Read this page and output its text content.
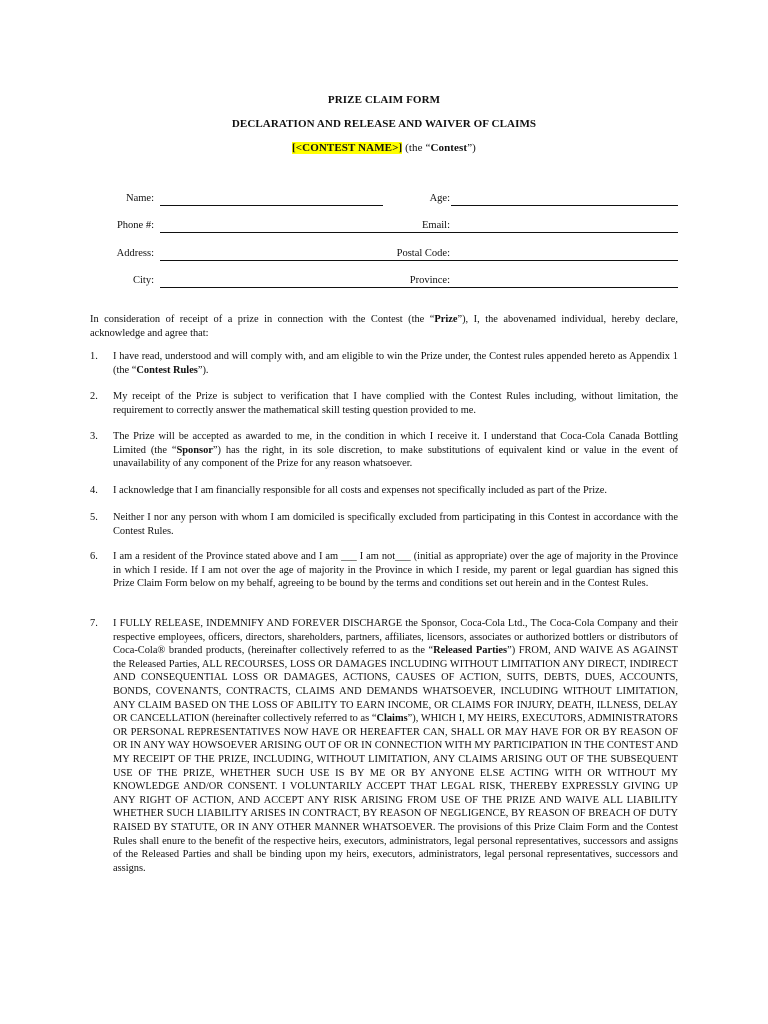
PRIZE CLAIM FORM
DECLARATION AND RELEASE AND WAIVER OF CLAIMS
[<CONTEST NAME>] (the “Contest”)
Name:	Age:
Phone #:	Email:
Address:	Postal Code:
City:	Province:
In consideration of receipt of a prize in connection with the Contest (the “Prize”), I, the abovenamed individual, hereby declare, acknowledge and agree that:
1. I have read, understood and will comply with, and am eligible to win the Prize under, the Contest rules appended hereto as Appendix 1 (the “Contest Rules”).
2. My receipt of the Prize is subject to verification that I have complied with the Contest Rules including, without limitation, the requirement to correctly answer the mathematical skill testing question provided to me.
3. The Prize will be accepted as awarded to me, in the condition in which I receive it. I understand that Coca-Cola Canada Bottling Limited (the “Sponsor”) has the right, in its sole discretion, to make substitutions of equivalent kind or value in the event of unavailability of any component of the Prize for any reason whatsoever.
4. I acknowledge that I am financially responsible for all costs and expenses not specifically included as part of the Prize.
5. Neither I nor any person with whom I am domiciled is specifically excluded from participating in this Contest in accordance with the Contest Rules.
6. I am a resident of the Province stated above and I am ___ I am not___ (initial as appropriate) over the age of majority in the Province in which I reside. If I am not over the age of majority in the Province in which I reside, my parent or legal guardian has signed this Prize Claim Form below on my behalf, agreeing to be bound by the terms and conditions set out herein and in the Contest Rules.
7. I FULLY RELEASE, INDEMNIFY AND FOREVER DISCHARGE the Sponsor, Coca-Cola Ltd., The Coca-Cola Company and their respective employees, officers, directors, shareholders, partners, affiliates, licensors, associates or authorized bottlers or distributors of Coca-Cola® branded products, (hereinafter collectively referred to as the “Released Parties”) FROM, AND WAIVE AS AGAINST the Released Parties, ALL RECOURSES, LOSS OR DAMAGES INCLUDING WITHOUT LIMITATION ANY DIRECT, INDIRECT AND CONSEQUENTIAL LOSS OR DAMAGES, ACTIONS, CAUSES OF ACTION, SUITS, DEBTS, DUES, ACCOUNTS, BONDS, COVENANTS, CONTRACTS, CLAIMS AND DEMANDS WHATSOEVER, INCLUDING WITHOUT LIMITATION, ANY CLAIM BASED ON THE LOSS OF ABILITY TO EARN INCOME, OR CLAIMS FOR INJURY, DEATH, ILLNESS, DELAY OR CANCELLATION (hereinafter collectively referred to as “Claims”), WHICH I, MY HEIRS, EXECUTORS, ADMINISTRATORS OR PERSONAL REPRESENTATIVES NOW HAVE OR HEREAFTER CAN, SHALL OR MAY HAVE FOR OR BY REASON OF OR IN ANY WAY HOWSOEVER ARISING OUT OF OR IN CONNECTION WITH MY PARTICIPATION IN THE CONTEST AND MY RECEIPT OF THE PRIZE, INCLUDING, WITHOUT LIMITATION, ANY CLAIMS ARISING OUT OF THE SUBSEQUENT USE OF THE PRIZE, WHETHER SUCH USE IS BY ME OR BY ANYONE ELSE ACTING WITH OR WITHOUT MY KNOWLEDGE AND/OR CONSENT. I VOLUNTARILY ACCEPT THAT LEGAL RISK, THEREBY EXPRESSLY GIVING UP ANY RIGHT OF ACTION, AND ACCEPT ANY RISK ARISING FROM USE OF THE PRIZE AND WAIVE ALL LIABILITY WHETHER SUCH LIABILITY ARISES IN CONTRACT, BY REASON OF NEGLIGENCE, BY REASON OF BREACH OF DUTY RAISED BY STATUTE, OR IN ANY OTHER MANNER WHATSOEVER. The provisions of this Prize Claim Form and the Contest Rules shall enure to the benefit of the respective heirs, executors, administrators, legal personal representatives, successors and assigns of the Released Parties and shall be binding upon my heirs, executors, administrators, legal personal representatives, successors and assigns.
